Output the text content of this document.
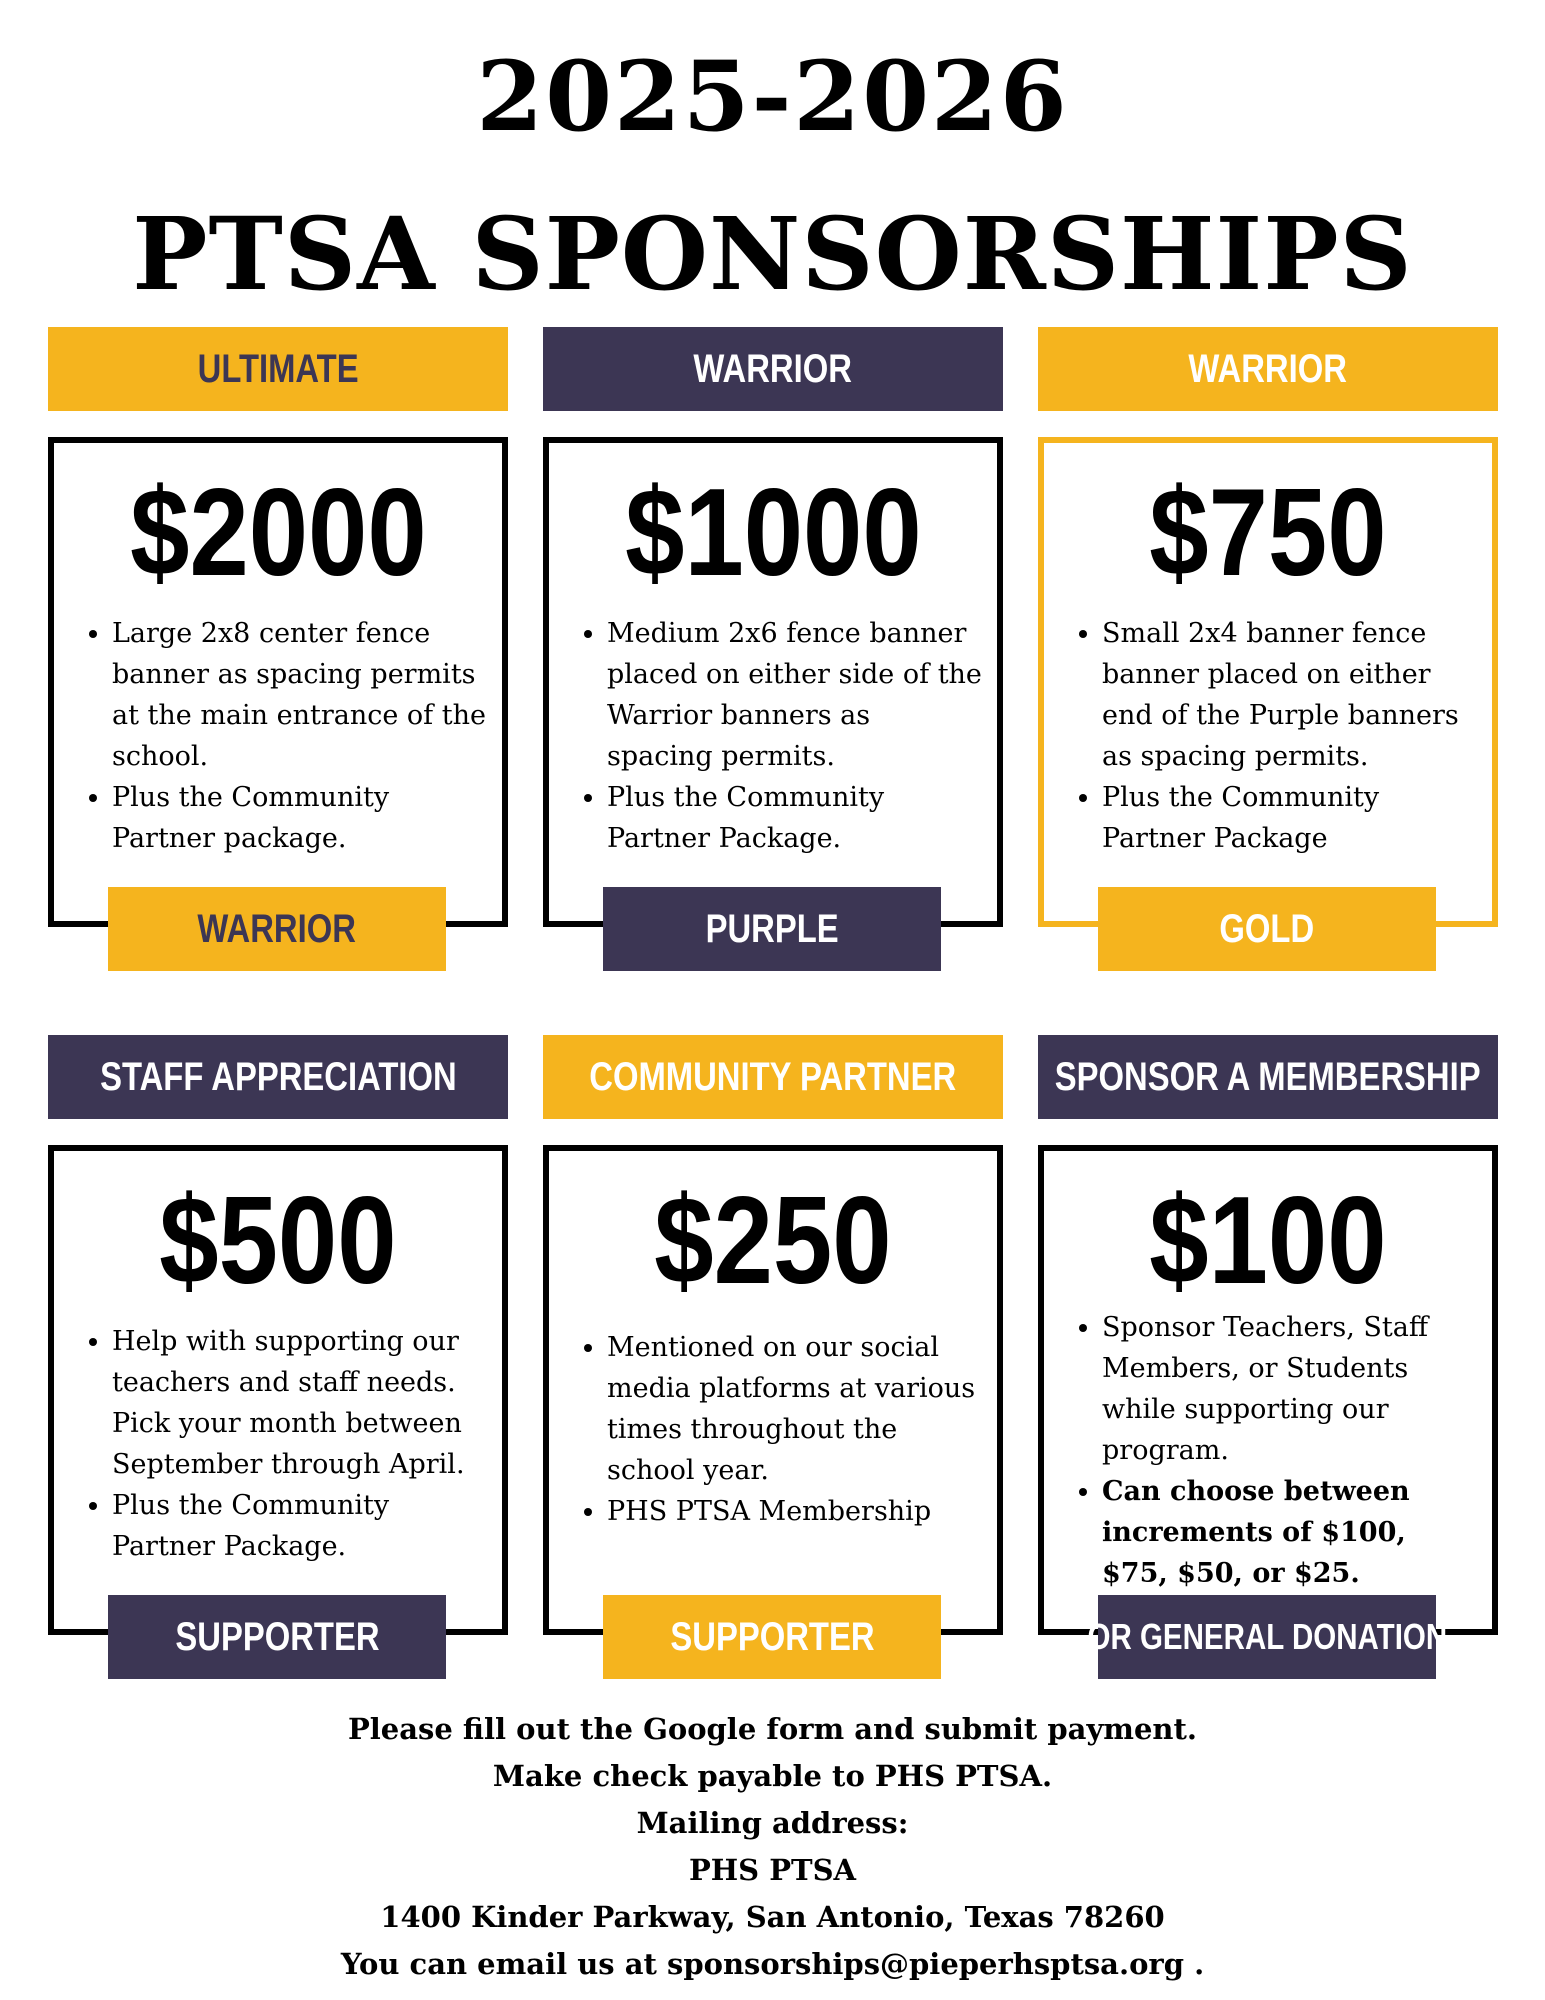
2025-2026
PTSA SPONSORSHIPS
$2000
• Large 2x8 center fence banner as spacing permits at the main entrance of the school.
• Plus the Community Partner package.
ULTIMATE
WARRIOR
$1000
• Medium 2x6 fence banner placed on either side of the Warrior banners as spacing permits.
• Plus the Community Partner Package.
WARRIOR
PURPLE
$750
• Small 2x4 banner fence banner placed on either end of the Purple banners as spacing permits.
• Plus the Community Partner Package
WARRIOR
GOLD
$500
• Help with supporting our teachers and staff needs. Pick your month between September through April.
• Plus the Community Partner Package.
STAFF APPRECIATION
SUPPORTER
$250
• Mentioned on our social media platforms at various times throughout the school year.
• PHS PTSA Membership
COMMUNITY PARTNER
SUPPORTER
$100
• Sponsor Teachers, Staff Members, or Students while supporting our program.
• Can choose between increments of $100, $75, $50, or $25.
SPONSOR A MEMBERSHIP
OR GENERAL DONATION
Please fill out the Google form and submit payment.
Make check payable to PHS PTSA.
Mailing address:
PHS PTSA
1400 Kinder Parkway, San Antonio, Texas 78260
You can email us at sponsorships@pieperhsptsa.org .
